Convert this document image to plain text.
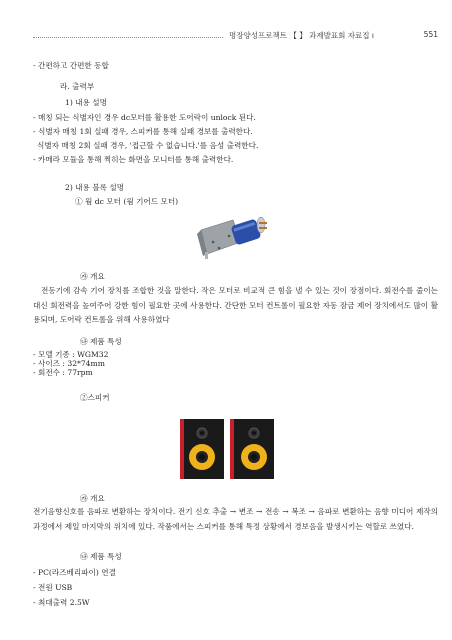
명장양성프로젝트 【 】 과제발표회 자료집 ı	551
- 간편하고 간편한 동합
라. 출력부
1) 내용 설명
- 매칭 되는 식별자인 경우 dc모터를 활용한 도어락이 unlock 된다.
- 식별자 매칭 1회 실패 경우, 스피커를 통해 실패 경보를 출력한다.
식별자 매칭 2회 실패 경우, '접근할 수 없습니다.'를 음성 출력한다.
- 카메라 모듈을 통해 찍히는 화면을 모니터를 통해 출력한다.
2) 내용 블록 설명
① 웜 dc 모터 (웜 기어드 모터)
㉮ 개요
전동기에 감속 기어 장치를 조합한 것을 말한다. 작은 모터로 비교적 큰 힘을 낼 수 있는 것이 장점이다. 회전수를 줄이는 대신 회전력을 높여주어 강한 힘이 필요한 곳에 사용한다. 간단한 모터 컨트롤이 필요한 자동 잠금 제어 장치에서도 많이 활용되며, 도어락 컨트롤을 위해 사용하였다
㉯ 제품 특성
- 모델 기종 : WGM32
- 사이즈 : 32*74mm
- 회전수 : 77rpm
②스피커
㉮ 개요
전기음향신호를 음파로 변환하는 장치이다. 전기 신호 추출 → 변조 → 전송 → 복조 → 음파로 변환하는 음향 미디어 제작의 과정에서 제일 마지막의 위치에 있다. 작품에서는 스피커를 통해 특정 상황에서 경보음을 발생시키는 역할로 쓰였다.
㉯ 제품 특성
- PC(라즈베리파이) 연결
- 전원 USB
- 최대출력 2.5W
